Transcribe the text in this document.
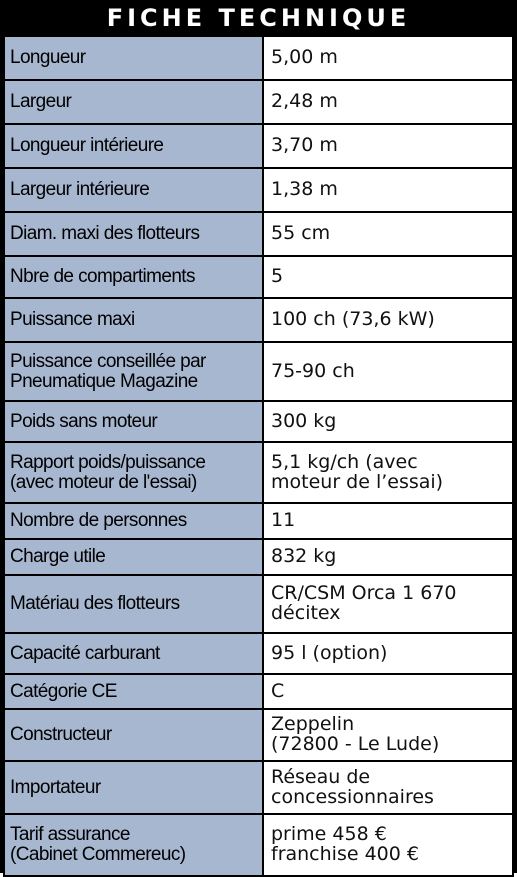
FICHE TECHNIQUE
Longueur	5,00 m

Largeur	2,48 m

Longueur intérieure	3,70 m

Largeur intérieure	1,38 m

Diam. maxi des flotteurs	55 cm

Nbre de compartiments	5

Puissance maxi	100 ch (73,6 kW)

Puissance conseillée par
Pneumatique Magazine	75-90 ch

Poids sans moteur	300 kg

Rapport poids/puissance
(avec moteur de l'essai)	5,1 kg/ch (avec
moteur de l’essai)

Nombre de personnes	11

Charge utile	832 kg

Matériau des flotteurs	CR/CSM Orca 1 670
décitex

Capacité carburant	95 l (option)

Catégorie CE	C

Constructeur	Zeppelin
(72800 - Le Lude)

Importateur	Réseau de
concessionnaires

Tarif assurance
(Cabinet Commereuc)	prime 458 €
franchise 400 €
